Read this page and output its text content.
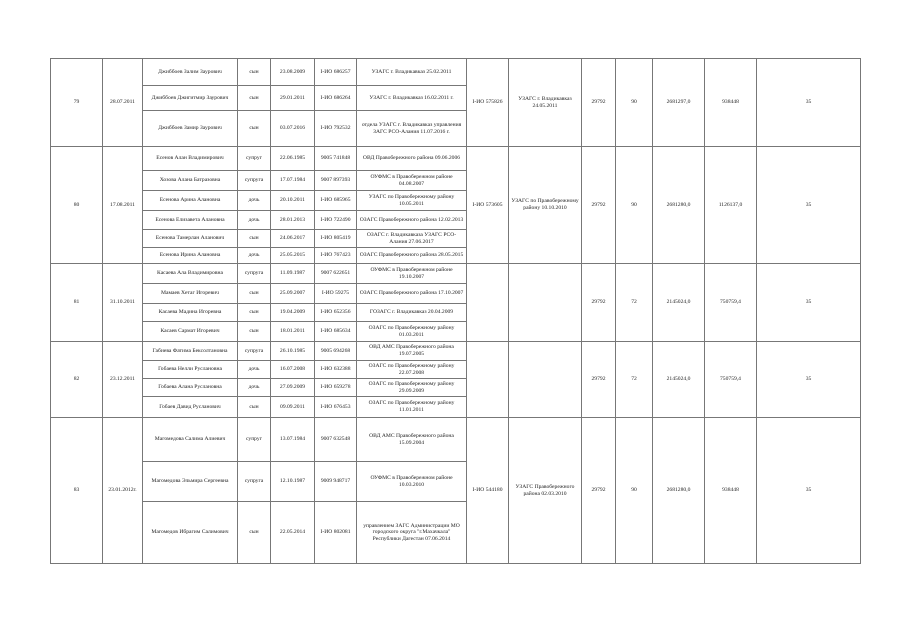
79	28.07.2011	Джиббоев Залим Заурович	сын	23.08.2009	I-ИО 686257	УЗАГС г. Владикавказ 25.02.2011	I-ИО 575826	УЗАГС г. Владикавказ 24.05.2011	29792	90	2681297,0	938448	35
		Джиббоев Джигитмир Заурович	сын	29.01.2011	I-ИО 686264	УЗАГС г. Владикавказ 16.02.2011 г.							
		Джиббоев Замир Заурович	сын	03.07.2016	I-ИО 792532	отдела УЗАГС г. Владикавказ управления ЗАГС РСО-Алания 11.07.2016 г.							
80	17.08.2011	Есенов Алан Владимирович	супруг	22.06.1985	9005 741848	ОВД Правобережного района 09.06.2006	I-ИО 573605	УЗАГС по Правобережному району 10.10.2010	29792	90	2681280,0	1126137,0	35
		Хозова Алана Батразовна	супруга	17.07.1984	9007 897393	ОУФМС в Правобережном районе 04.08.2007							
		Есенова Арина Алановна	дочь	20.10.2011	I-ИО 685965	УЗАГС по Правобережному району 10.05.2011							
		Есенова Елизавета Алановна	дочь	28.01.2013	I-ИО 722490	ОЗАГС Правобережного района 12.02.2013							
		Есенова Тамерлан Аланович	сын	24.06.2017	I-ИО 805419	ОЗАГС г. Владикавказа УЗАГС РСО-Алания 27.06.2017							
		Есенова Ирина Алановна	дочь	25.05.2015	I-ИО 767423	ОЗАГС Правобережного района 28.05.2015							
81	31.10.2011	Касаева Ала Владимировна	супруга	11.09.1987	9007 622651	ОУФМС в Правобережном районе 19.10.2007			29792	72	2145024,0	750759,4	35
		Мамаев Хетаг Игоревич	сын	25.09.2007	I-ИО 59275	ОЗАГС Правобережного района 17.10.2007							
		Касаева Мадина Игоревна	сын	19.04.2009	I-ИО 652356	ГОЗАГС г. Владикавказ 20.04.2009							
		Касаев Сармат Игоревич	сын	18.01.2011	I-ИО 685634	ОЗАГС по Правобережному району 01.03.2011							
82	23.12.2011	Габиева Фатима Бексолтановна	супруга	26.10.1985	9005 694268	ОВД АМС Правобережного района 19.07.2005			29792	72	2145024,0	750759,4	35
		Гобаева Нелли Руслановна	дочь	16.07.2008	I-ИО 632388	ОЗАГС по Правобережному району 22.07.2008							
		Гобаева Алана Руслановна	дочь	27.09.2009	I-ИО 659278	ОЗАГС по Правобережному району 29.09.2009							
		Гобаев Давид Русланович	сын	09.09.2011	I-ИО 676453	ОЗАГС по Правобережному району 11.01.2011							
83	23.01.2012г.	Магомедова Салима Алиевич	супруг	13.07.1984	9007 632548	ОВД АМС Правобережного района 15.09.2004	I-ИО 544180	УЗАГС Правобережного района 02.03.2010	29792	90	2681280,0	938448	35
		Магомедова Эльмира Сергеевна	супруга	12.10.1987	9009 948717	ОУФМС в Правобережном районе 10.03.2010							
		Магомедов Ибрагим Салимович	сын	22.05.2014	I-ИО 802081	управлением ЗАГС Администрации МО городского округа "г.Махачкала" Республики Дагестан 07.06.2014							
